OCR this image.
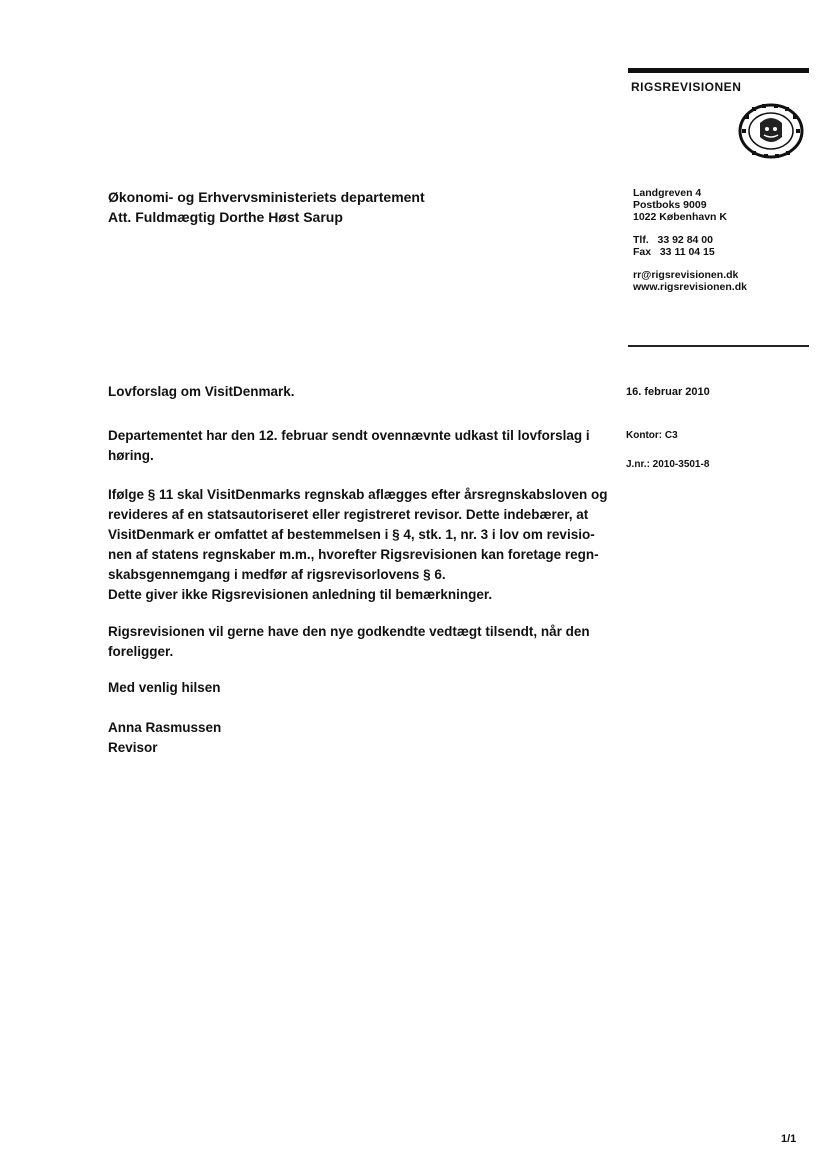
RIGSREVISIONEN
Økonomi- og Erhvervsministeriets departement
Att. Fuldmægtig Dorthe Høst Sarup
Landgreven 4
Postboks 9009
1022 København K
Tlf.   33 92 84 00
Fax   33 11 04 15
rr@rigsrevisionen.dk
www.rigsrevisionen.dk
Lovforslag om VisitDenmark.	16. februar 2010
Kontor: C3
J.nr.: 2010-3501-8
Departementet har den 12. februar sendt ovennævnte udkast til lovforslag i
høring.
Ifølge § 11 skal VisitDenmarks regnskab aflægges efter årsregnskabsloven og
revideres af en statsautoriseret eller registreret revisor. Dette indebærer, at
VisitDenmark er omfattet af bestemmelsen i § 4, stk. 1, nr. 3 i lov om revisio-
nen af statens regnskaber m.m., hvorefter Rigsrevisionen kan foretage regn-
skabsgennemgang i medfør af rigsrevisorlovens § 6.
Dette giver ikke Rigsrevisionen anledning til bemærkninger.
Rigsrevisionen vil gerne have den nye godkendte vedtægt tilsendt, når den
foreligger.
Med venlig hilsen
Anna Rasmussen
Revisor
1/1
